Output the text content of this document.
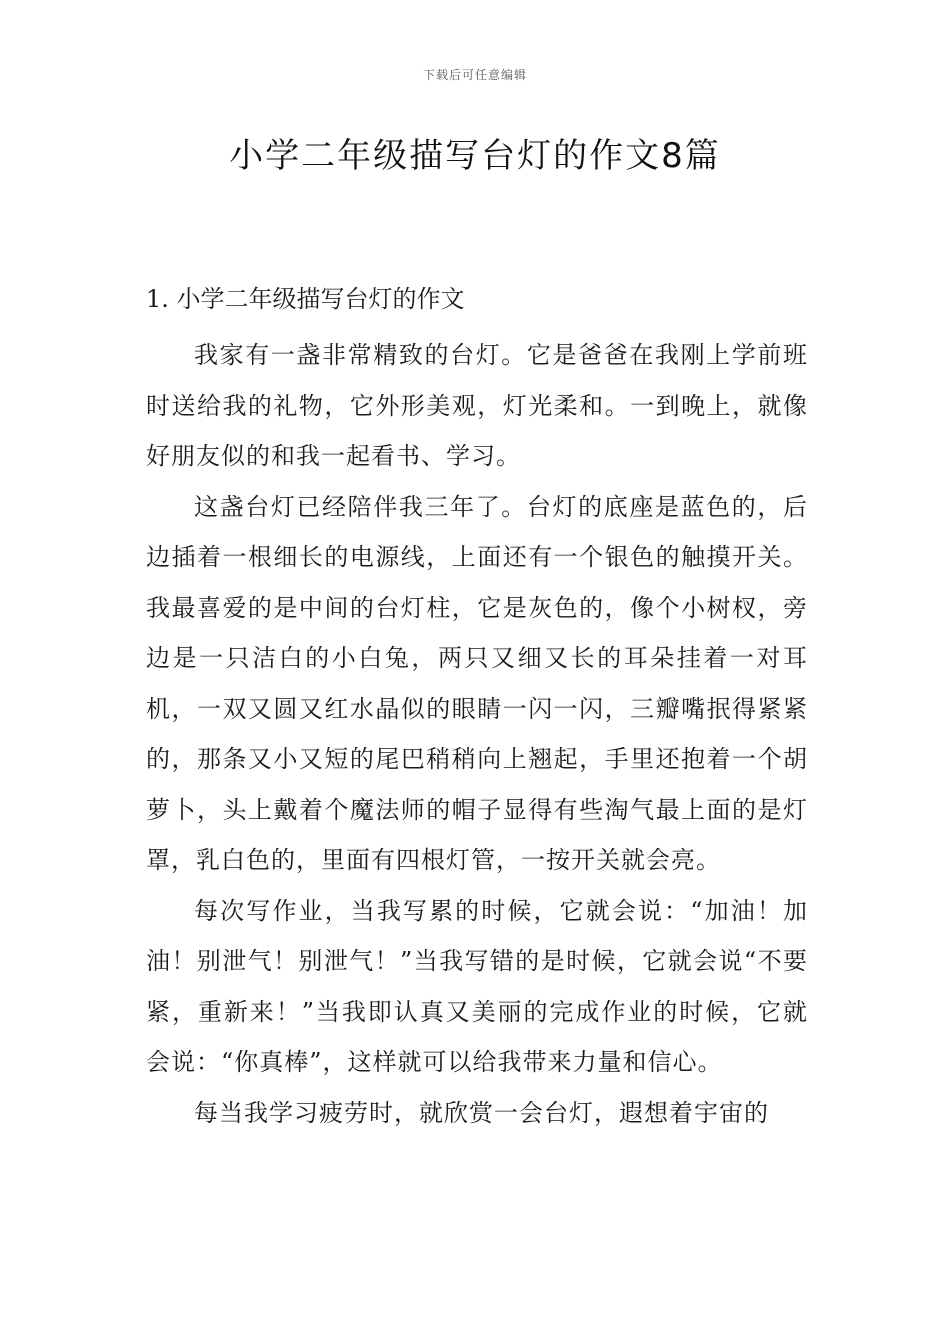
下载后可任意编辑
小学二年级描写台灯的作文8篇

1. 小学二年级描写台灯的作文

我家有一盏非常精致的台灯。它是爸爸在我刚上学前班时送给我的礼物，它外形美观，灯光柔和。一到晚上，就像好朋友似的和我一起看书、学习。

这盏台灯已经陪伴我三年了。台灯的底座是蓝色的，后边插着一根细长的电源线，上面还有一个银色的触摸开关。我最喜爱的是中间的台灯柱，它是灰色的，像个小树杈，旁边是一只洁白的小白兔，两只又细又长的耳朵挂着一对耳机，一双又圆又红水晶似的眼睛一闪一闪，三瓣嘴抿得紧紧的，那条又小又短的尾巴稍稍向上翘起，手里还抱着一个胡萝卜，头上戴着个魔法师的帽子显得有些淘气最上面的是灯罩，乳白色的，里面有四根灯管，一按开关就会亮。

每次写作业，当我写累的时候，它就会说：“加油！加油！别泄气！别泄气！”当我写错的是时候，它就会说“不要紧，重新来！”当我即认真又美丽的完成作业的时候，它就会说：“你真棒”，这样就可以给我带来力量和信心。

每当我学习疲劳时，就欣赏一会台灯，遐想着宇宙的
